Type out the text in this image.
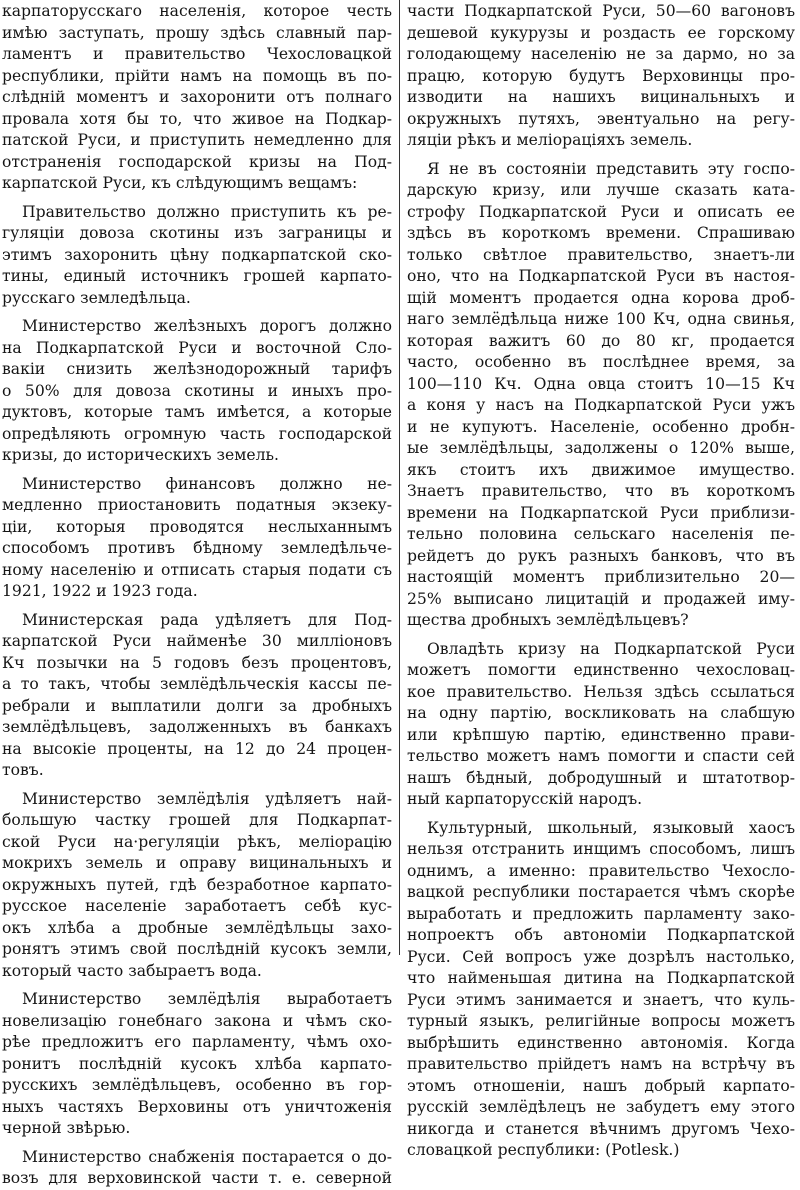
карпаторусскаго населенія, которое честь
имѣю заступать, прошу здѣсь славный пар-
ламентъ и правительство Чехословацкой
республики, прійти намъ на помощь въ по-
слѣдній моментъ и захоронити отъ полнаго
провала хотя бы то, что живое на Подкар-
патской Руси, и приступить немедленно для
отстраненія господарской кризы на Под-
карпатской Руси, къ слѣдующимъ вещамъ:
Правительство должно приступить къ ре-
гуляціи довоза скотины изъ заграницы и
этимъ захоронить цѣну подкарпатской ско-
тины, единый источникъ грошей карпато-
русскаго земледѣльца.
Министерство желѣзныхъ дорогъ должно
на Подкарпатской Руси и восточной Сло-
вакіи снизить желѣзнодорожный тарифъ
о 50% для довоза скотины и иныхъ про-
дуктовъ, которые тамъ имѣется, а которые
опредѣляють огромную часть господарской
кризы, до историческихъ земель.
Министерство финансовъ должно не-
медленно приостановить податныя экзеку-
ціи, которыя проводятся неслыханнымъ
способомъ противъ бѣдному земледѣльче-
ному населенію и отписать старыя подати съ
1921, 1922 и 1923 года.
Министерская рада удѣляетъ для Под-
карпатской Руси найменѣе 30 милліоновъ
Кч позычки на 5 годовъ безъ процентовъ,
а то такъ, чтобы землёдѣльческія кассы пе-
ребрали и выплатили долги за дробныхъ
землёдѣльцевъ, задолженныхъ въ банкахъ
на высокіе проценты, на 12 до 24 процен-
товъ.
Министерство землёдѣлія удѣляетъ най-
большую частку грошей для Подкарпат-
ской Руси на·регуляціи рѣкъ, меліорацію
мокрихъ земель и оправу вицинальныхъ и
окружныхъ путей, гдѣ безработное карпато-
русское населеніе заработаетъ себѣ кус-
окъ хлѣба а дробные землёдѣльцы захо-
ронятъ этимъ свой послѣдній кусокъ земли,
который часто забыраетъ вода.
Министерство землёдѣлія выработаетъ
новелизацію гонебнаго закона и чѣмъ ско-
рѣе предложитъ его парламенту, чѣмъ охо-
ронитъ послѣдній кусокъ хлѣба карпато-
русскихъ землёдѣльцевъ, особенно въ гор-
ныхъ частяхъ Верховины отъ уничтоженія
черной звѣрью.
Министерство снабженія постарается о до-
возъ для верховинской части т. е. северной
части Подкарпатской Руси, 50—60 вагоновъ
дешевой кукурузы и роздасть ее горскому
голодающему населенію не за дармо, но за
працю, которую будутъ Верховинцы про-
изводити на нашихъ вицинальныхъ и
окружныхъ путяхъ, эвентуально на регу-
ляціи рѣкъ и меліораціяхъ земель.
Я не въ состояніи представить эту госпо-
дарскую кризу, или лучше сказать ката-
строфу Подкарпатской Руси и описать ее
здѣсь въ короткомъ времени. Спрашиваю
только свѣтлое правительство, знаетъ-ли
оно, что на Подкарпатской Руси въ настоя-
щій моментъ продается одна корова дроб-
наго землёдѣльца ниже 100 Кч, одна свинья,
которая важитъ 60 до 80 кг, продается
часто, особенно въ послѣднее время, за
100—110 Кч. Одна овца стоитъ 10—15 Кч
а коня у насъ на Подкарпатской Руси ужъ
и не купуютъ. Населеніе, особенно дробн-
ые землёдѣльцы, задолжены о 120% выше,
якъ стоитъ ихъ движимое имущество.
Знаетъ правительство, что въ короткомъ
времени на Подкарпатской Руси приблизи-
тельно половина сельскаго населенія пе-
рейдетъ до рукъ разныхъ банковъ, что въ
настоящій моментъ приблизительно 20—
25% выписано лицитацій и продажей иму-
щества дробныхъ землёдѣльцевъ?
Овладѣть кризу на Подкарпатской Руси
можетъ помогти единственно чехословац-
кое правительство. Нельзя здѣсь ссылаться
на одну партію, воскликовать на слабшую
или крѣпшую партію, единственно прави-
тельство можетъ намъ помогти и спасти сей
нашъ бѣдный, добродушный и штатотвор-
ный карпаторусскій народъ.
Культурный, школьный, языковый хаосъ
нельзя отстранить инщимъ способомъ, лишъ
однимъ, а именно: правительство Чехосло-
вацкой республики постарается чѣмъ скорѣе
выработать и предложить парламенту зако-
нопроектъ объ автономіи Подкарпатской
Руси. Сей вопросъ уже дозрѣлъ настолько,
что найменьшая дитина на Подкарпатской
Руси этимъ занимается и знаетъ, что куль-
турный языкъ, религійные вопросы можетъ
выбрѣшить единственно автономія. Когда
правительство прійдетъ намъ на встрѣчу въ
этомъ отношеніи, нашъ добрый карпато-
русскій землёдѣлецъ не забудетъ ему этого
никогда и станется вѣчнимъ другомъ Чехо-
словацкой республики: (Potlesk.)
